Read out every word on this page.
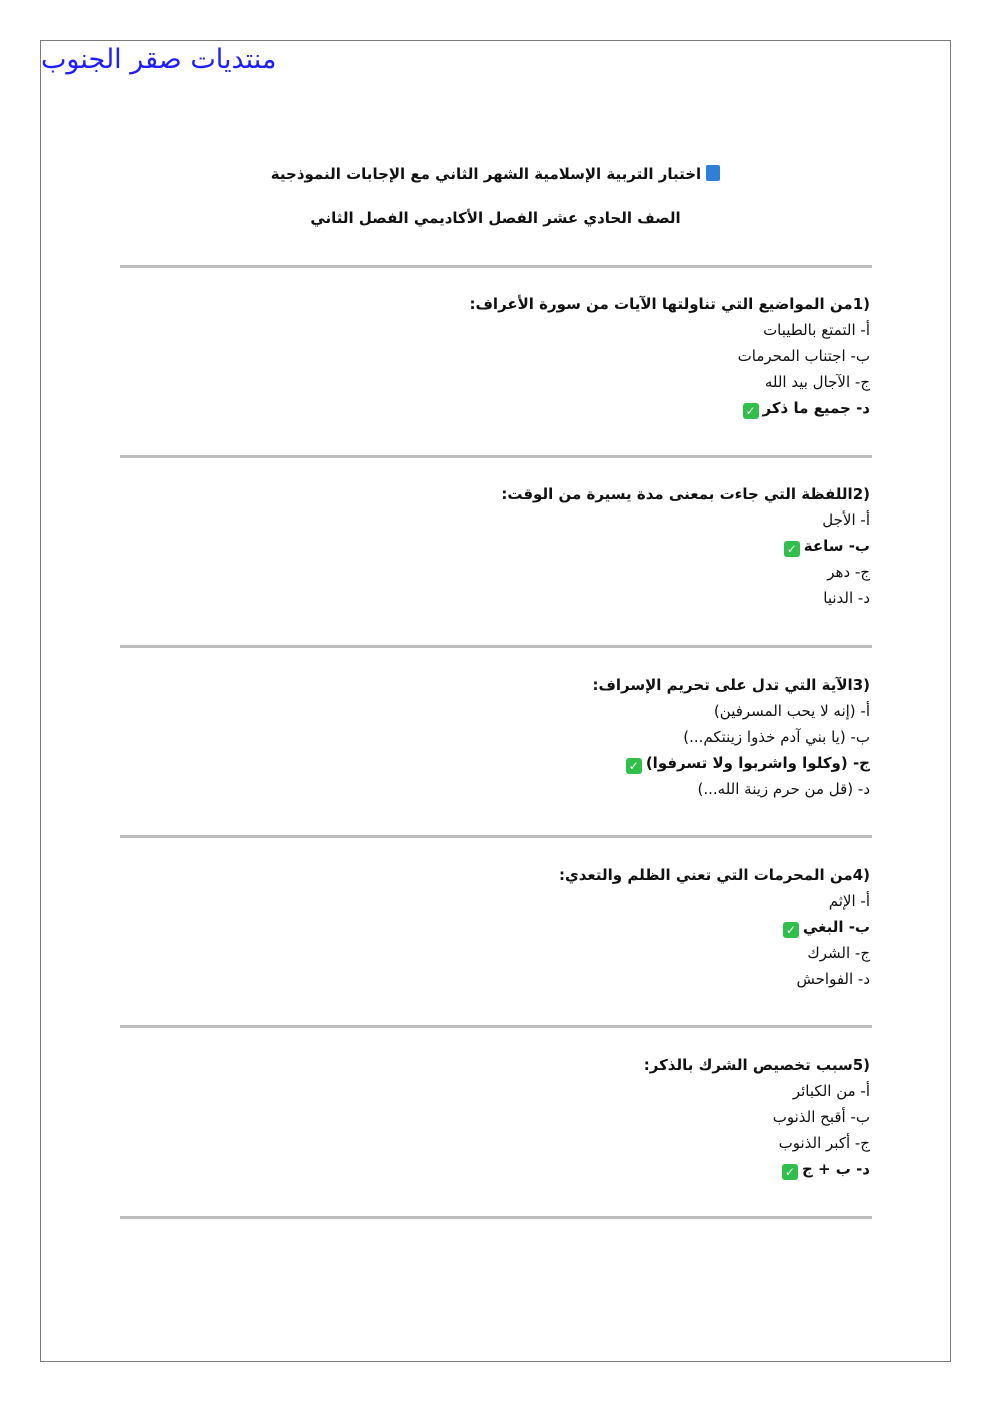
منتديات صقر الجنوب
اختبار التربية الإسلامية الشهر الثاني مع الإجابات النموذجية
الصف الحادي عشر الفصل الأكاديمي الفصل الثاني
(1من المواضيع التي تناولتها الآيات من سورة الأعراف:
أ- التمتع بالطيبات
ب- اجتناب المحرمات
ج- الآجال بيد الله
د- جميع ما ذكر✓
(2اللفظة التي جاءت بمعنى مدة يسيرة من الوقت:
أ- الأجل
ب- ساعة✓
ج- دهر
د- الدنيا
(3الآية التي تدل على تحريم الإسراف:
أ- (إنه لا يحب المسرفين)
ب- (يا بني آدم خذوا زينتكم...)
ج- (وكلوا واشربوا ولا تسرفوا)✓
د- (قل من حرم زينة الله...)
(4من المحرمات التي تعني الظلم والتعدي:
أ- الإثم
ب- البغي✓
ج- الشرك
د- الفواحش
(5سبب تخصيص الشرك بالذكر:
أ- من الكبائر
ب- أقبح الذنوب
ج- أكبر الذنوب
د- ب + ج✓
